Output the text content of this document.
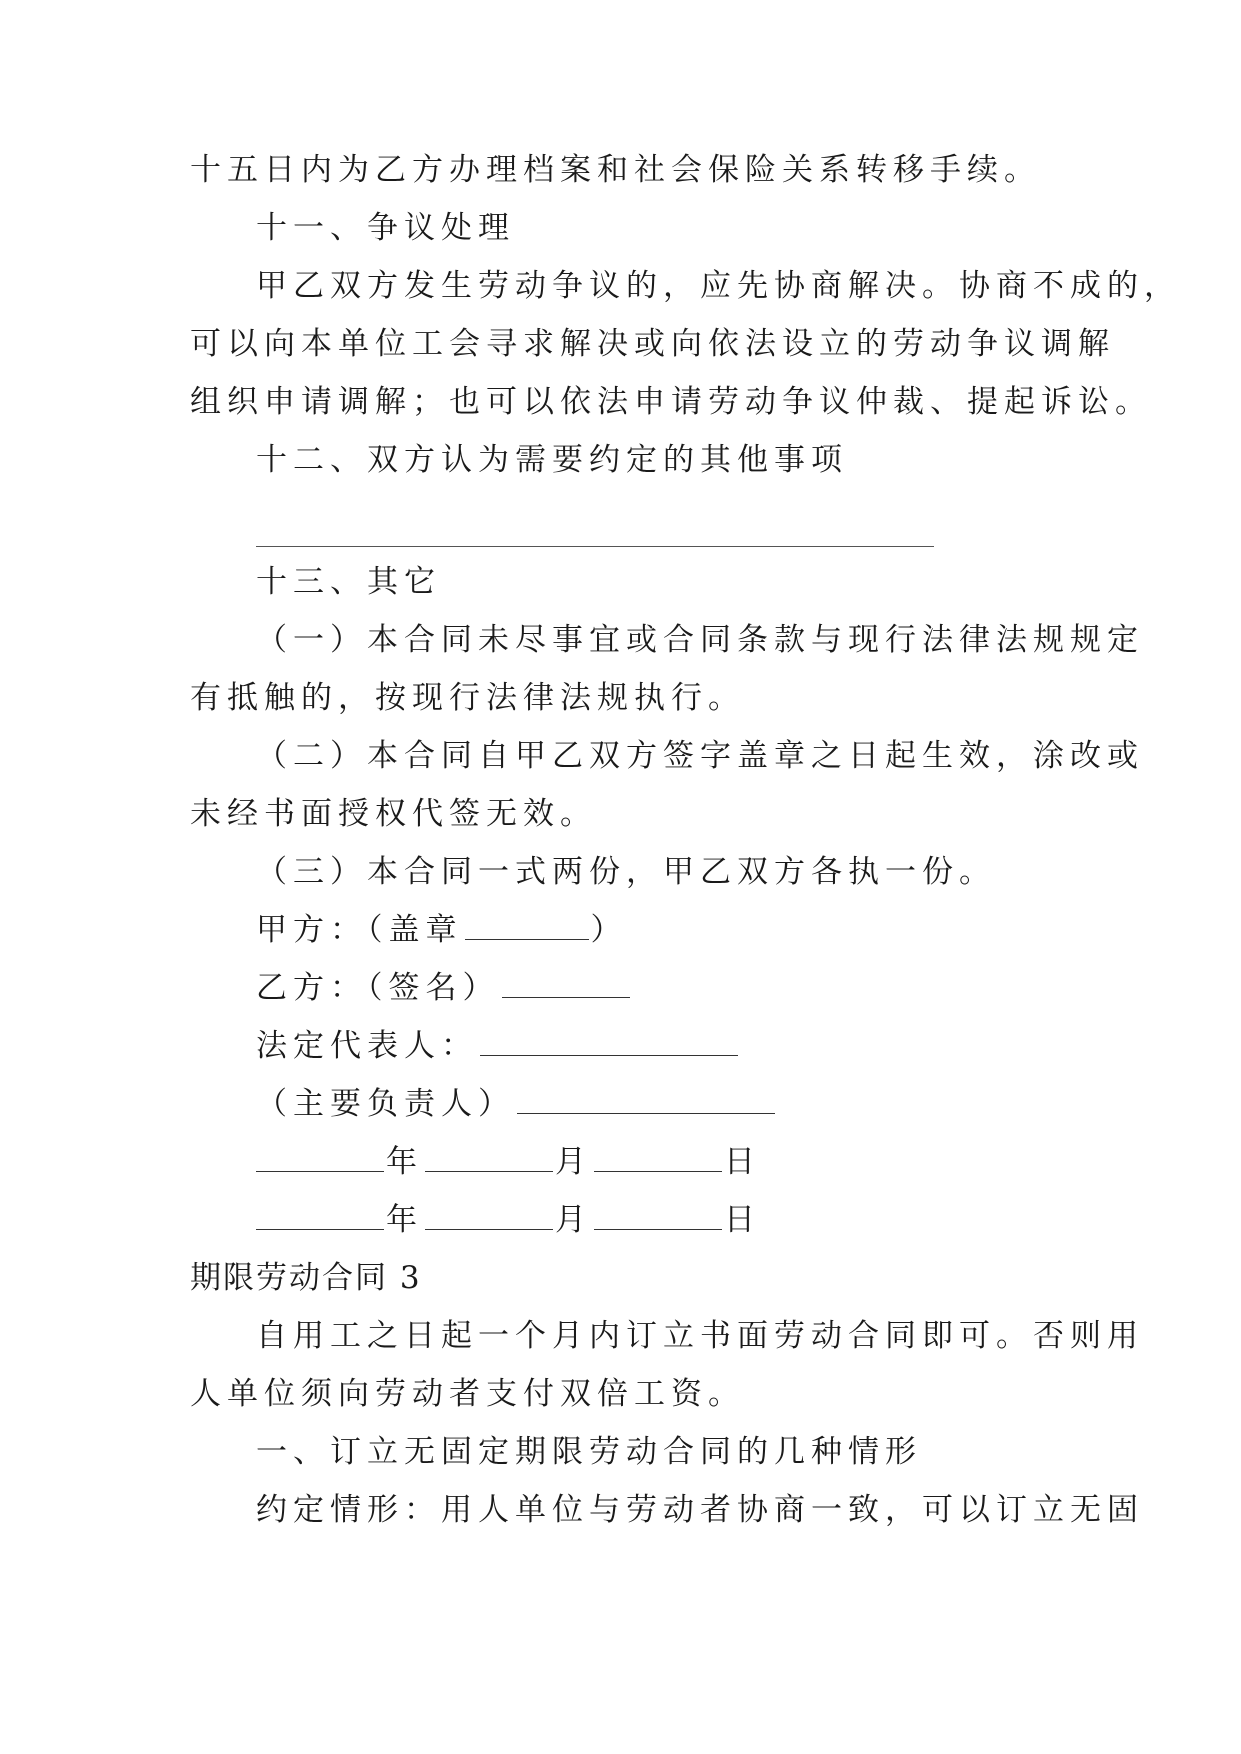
十五日内为乙方办理档案和社会保险关系转移手续。
十一、争议处理
甲乙双方发生劳动争议的，应先协商解决。协商不成的，
可以向本单位工会寻求解决或向依法设立的劳动争议调解
组织申请调解；也可以依法申请劳动争议仲裁、提起诉讼。
十二、双方认为需要约定的其他事项
十三、其它
（一）本合同未尽事宜或合同条款与现行法律法规规定
有抵触的，按现行法律法规执行。
（二）本合同自甲乙双方签字盖章之日起生效，涂改或
未经书面授权代签无效。
（三）本合同一式两份，甲乙双方各执一份。
甲方：（盖章	）
乙方：（签名）
法定代表人：
（主要负责人）
年	月	日
年	月	日
期限劳动合同 3
自用工之日起一个月内订立书面劳动合同即可。否则用
人单位须向劳动者支付双倍工资。
一、订立无固定期限劳动合同的几种情形
约定情形：用人单位与劳动者协商一致，可以订立无固
